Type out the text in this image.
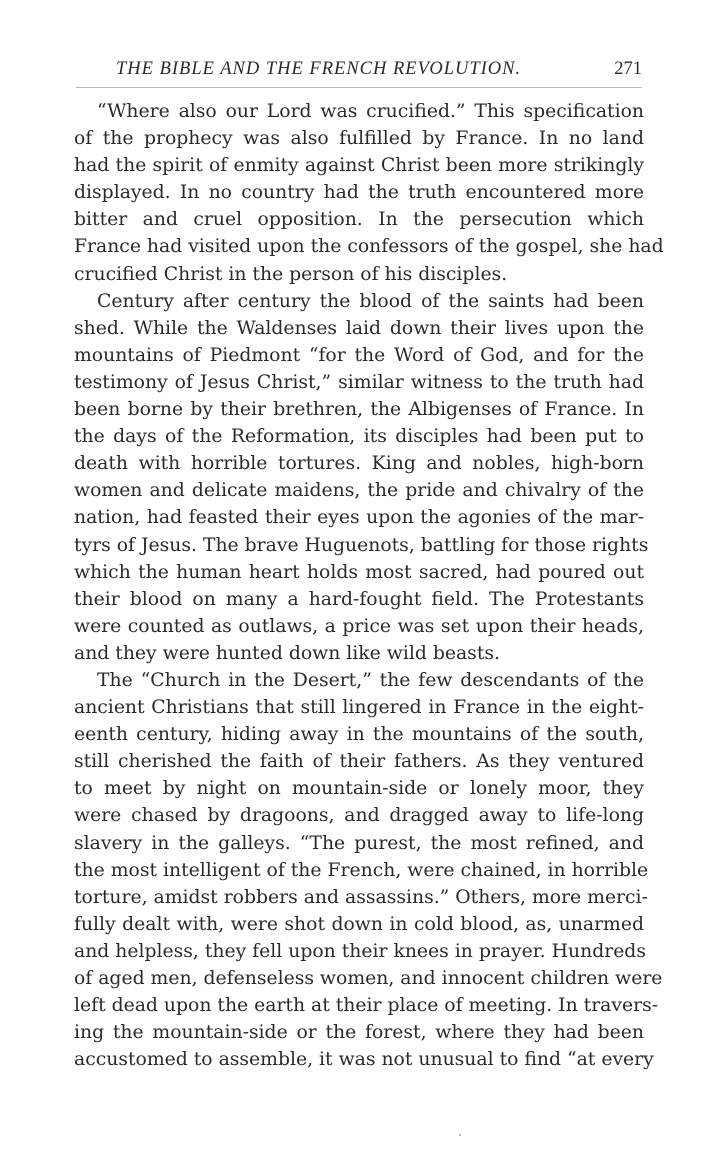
THE BIBLE AND THE FRENCH REVOLUTION.	271
“Where also our Lord was crucified.” This specification
of the prophecy was also fulfilled by France. In no land
had the spirit of enmity against Christ been more strikingly
displayed. In no country had the truth encountered more
bitter and cruel opposition. In the persecution which
France had visited upon the confessors of the gospel, she had
crucified Christ in the person of his disciples.
Century after century the blood of the saints had been
shed. While the Waldenses laid down their lives upon the
mountains of Piedmont “for the Word of God, and for the
testimony of Jesus Christ,” similar witness to the truth had
been borne by their brethren, the Albigenses of France. In
the days of the Reformation, its disciples had been put to
death with horrible tortures. King and nobles, high-born
women and delicate maidens, the pride and chivalry of the
nation, had feasted their eyes upon the agonies of the mar-
tyrs of Jesus. The brave Huguenots, battling for those rights
which the human heart holds most sacred, had poured out
their blood on many a hard-fought field. The Protestants
were counted as outlaws, a price was set upon their heads,
and they were hunted down like wild beasts.
The “Church in the Desert,” the few descendants of the
ancient Christians that still lingered in France in the eight-
eenth century, hiding away in the mountains of the south,
still cherished the faith of their fathers. As they ventured
to meet by night on mountain-side or lonely moor, they
were chased by dragoons, and dragged away to life-long
slavery in the galleys. “The purest, the most refined, and
the most intelligent of the French, were chained, in horrible
torture, amidst robbers and assassins.” Others, more merci-
fully dealt with, were shot down in cold blood, as, unarmed
and helpless, they fell upon their knees in prayer. Hundreds
of aged men, defenseless women, and innocent children were
left dead upon the earth at their place of meeting. In travers-
ing the mountain-side or the forest, where they had been
accustomed to assemble, it was not unusual to find “at every
